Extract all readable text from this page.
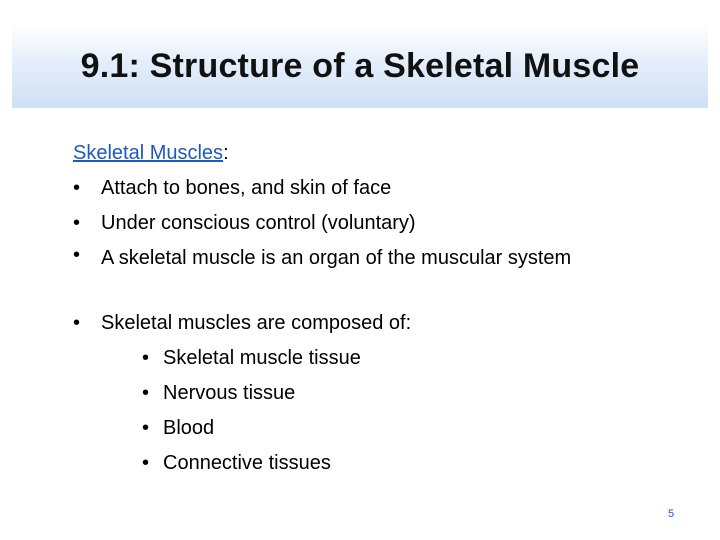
9.1: Structure of a Skeletal Muscle
Skeletal Muscles:
• Attach to bones, and skin of face
• Under conscious control (voluntary)
• A skeletal muscle is an organ of the muscular system
• Skeletal muscles are composed of:
• Skeletal muscle tissue
• Nervous tissue
• Blood
• Connective tissues
5
